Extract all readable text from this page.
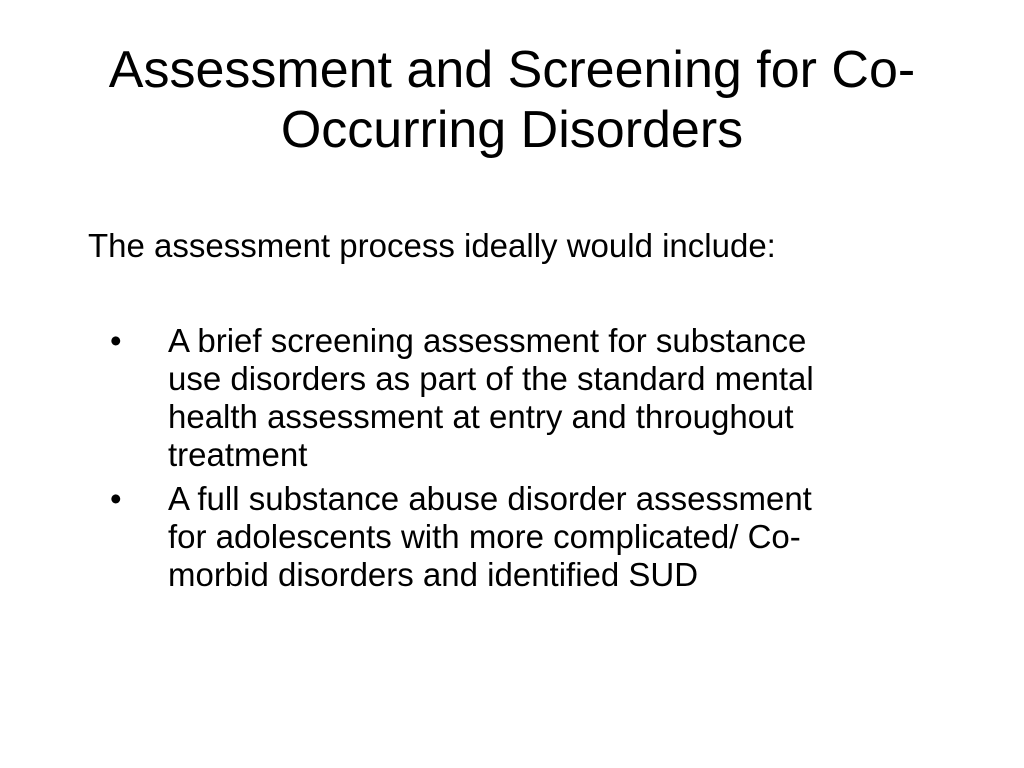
Assessment and Screening for Co-
Occurring Disorders

The assessment process ideally would include:

•	A brief screening assessment for substance
use disorders as part of the standard mental
health assessment at entry and throughout
treatment
•	A full substance abuse disorder assessment
for adolescents with more complicated/ Co-
morbid disorders and identified SUD
